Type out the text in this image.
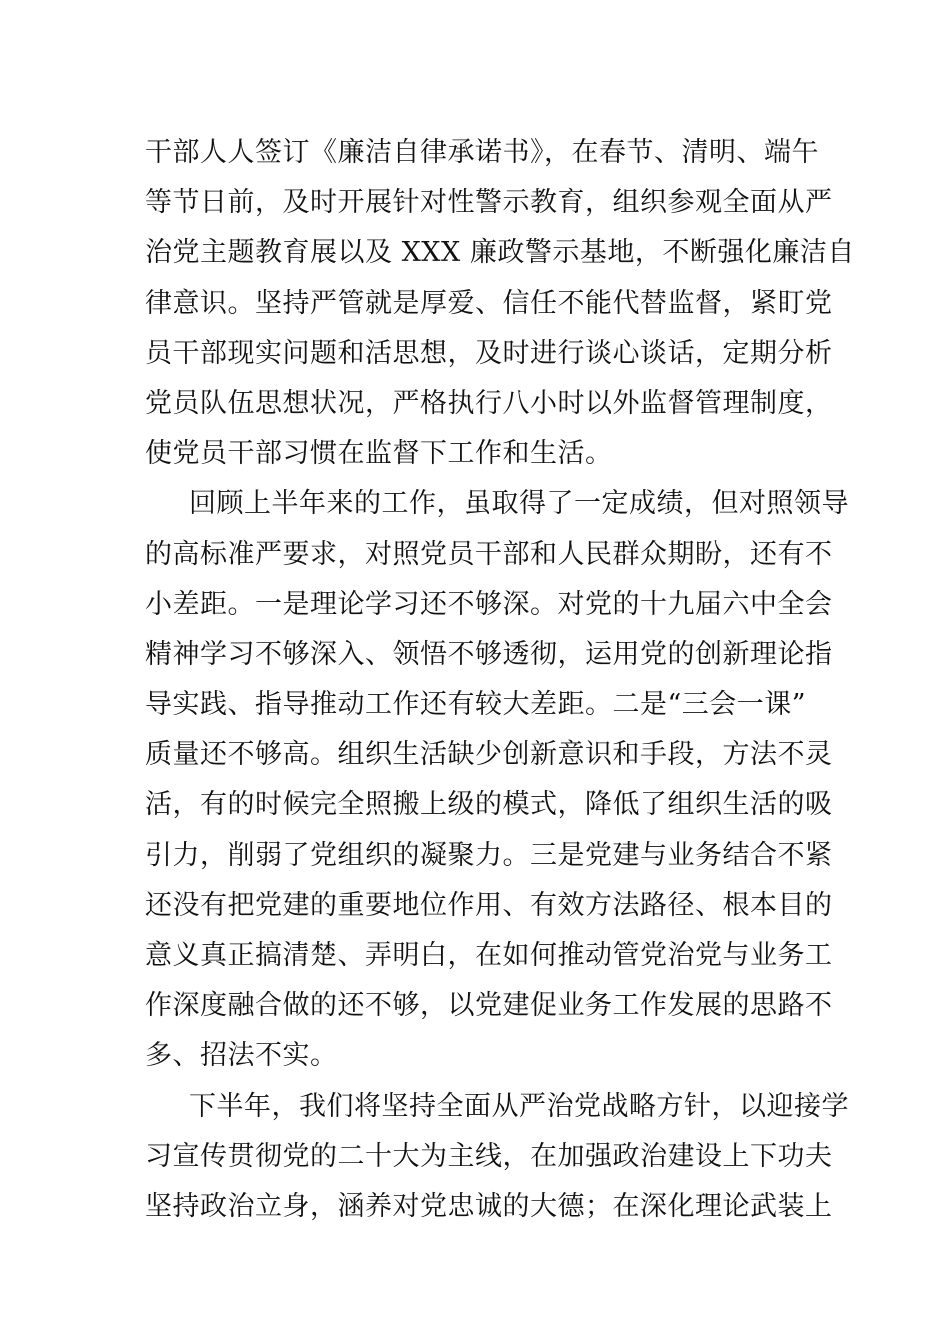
干部人人签订《廉洁自律承诺书》，在春节、清明、端午
等节日前，及时开展针对性警示教育，组织参观全面从严
治党主题教育展以及 XXX 廉政警示基地，不断强化廉洁自
律意识。坚持严管就是厚爱、信任不能代替监督，紧盯党
员干部现实问题和活思想，及时进行谈心谈话，定期分析
党员队伍思想状况，严格执行八小时以外监督管理制度，
使党员干部习惯在监督下工作和生活。
回顾上半年来的工作，虽取得了一定成绩，但对照领导
的高标准严要求，对照党员干部和人民群众期盼，还有不
小差距。一是理论学习还不够深。对党的十九届六中全会
精神学习不够深入、领悟不够透彻，运用党的创新理论指
导实践、指导推动工作还有较大差距。二是“三会一课”
质量还不够高。组织生活缺少创新意识和手段，方法不灵
活，有的时候完全照搬上级的模式，降低了组织生活的吸
引力，削弱了党组织的凝聚力。三是党建与业务结合不紧
还没有把党建的重要地位作用、有效方法路径、根本目的
意义真正搞清楚、弄明白，在如何推动管党治党与业务工
作深度融合做的还不够，以党建促业务工作发展的思路不
多、招法不实。
下半年，我们将坚持全面从严治党战略方针，以迎接学
习宣传贯彻党的二十大为主线，在加强政治建设上下功夫
坚持政治立身，涵养对党忠诚的大德；在深化理论武装上
